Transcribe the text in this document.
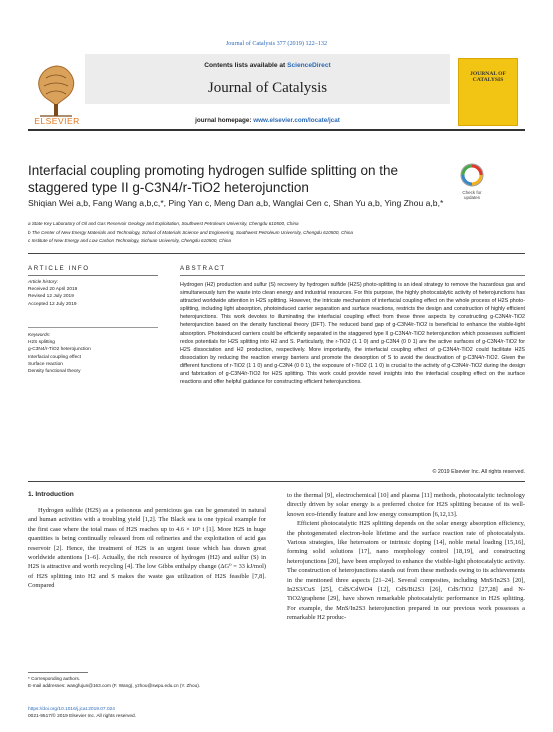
Journal of Catalysis 377 (2019) 122–132
Contents lists available at ScienceDirect
Journal of Catalysis
journal homepage: www.elsevier.com/locate/jcat
ELSEVIER
JOURNAL OF CATALYSIS
Interfacial coupling promoting hydrogen sulfide splitting on the
staggered type II g-C3N4/r-TiO2 heterojunction	Check for updates
Shiqian Wei a,b, Fang Wang a,b,c,*, Ping Yan c, Meng Dan a,b, Wanglai Cen c, Shan Yu a,b, Ying Zhou a,b,*
a State Key Laboratory of Oil and Gas Reservoir Geology and Exploitation, Southwest Petroleum University, Chengdu 610500, China
b The Center of New Energy Materials and Technology, School of Materials Science and Engineering, Southwest Petroleum University, Chengdu 610500, China
c Institute of New Energy and Low Carbon Technology, Sichuan University, Chengdu 610500, China
ARTICLE INFO	ABSTRACT
Article history:
Received 20 April 2019
Revised 12 July 2019
Accepted 12 July 2019
Keywords:
H2S splitting
g-C3N4/r-TiO2 heterojunction
Interfacial coupling effect
Surface reaction
Density functional theory
Hydrogen (H2) production and sulfur (S) recovery by hydrogen sulfide (H2S) photo-splitting is an ideal strategy to remove the hazardous gas and simultaneously turn the waste into clean energy and industrial resources. For this purpose, the highly photocatalytic activity of heterojunctions has attracted worldwide attention in H2S splitting. However, the intricate mechanism of interfacial coupling effect on the whole process of H2S photo-splitting, including light absorption, photoinduced carrier separation and surface reactions, restricts the design and construction of highly efficient heterojunctions. This work devotes to illuminating the interfacial coupling effect from these three aspects by constructing g-C3N4/r-TiO2 heterojunction based on the density functional theory (DFT). The reduced band gap of g-C3N4/r-TiO2 is beneficial to enhance the visible-light absorption. Photoinduced carriers could be efficiently separated in the staggered type II g-C3N4/r-TiO2 heterojunction which possesses sufficient redox potentials for H2S splitting into H2 and S. Particularly, the r-TiO2 (1 1 0) and g-C3N4 (0 0 1) are the active surfaces of g-C3N4/r-TiO2 for H2S dissociation and H2 production, respectively. More importantly, the interfacial coupling effect of g-C3N4/r-TiO2 could facilitate H2S dissociation by reducing the reaction energy barriers and promote the desorption of S to avoid the deactivation of g-C3N4/r-TiO2. Given the different functions of r-TiO2 (1 1 0) and g-C3N4 (0 0 1), the exposure of r-TiO2 (1 1 0) is crucial to the activity of g-C3N4/r-TiO2 during the design and fabrication of g-C3N4/r-TiO2 for H2S splitting. This work could provide novel insights into the interfacial coupling effect on the surface reactions and offer helpful guidance for constructing efficient heterojunctions.
© 2019 Elsevier Inc. All rights reserved.
1. Introduction

Hydrogen sulfide (H2S) as a poisonous and pernicious gas can be generated in natural and human activities with a troubling yield [1,2]. The Black sea is one typical example for the first case where the total mass of H2S reaches up to 4.6 × 10⁹ t [1]. More H2S in huge quantities is being continually released from oil refineries and the exploitation of acid gas reservoir [2]. Hence, the treatment of H2S is an urgent issue which has drawn great worldwide attentions [1–6]. Actually, the rich resource of hydrogen (H2) and sulfur (S) in H2S is attractive and worth recycling [4]. The low Gibbs enthalpy change (ΔG⁰ = 33 kJ/mol) of H2S splitting into H2 and S makes the waste gas utilization of H2S feasible [7,8]. Compared

to the thermal [9], electrochemical [10] and plasma [11] methods, photocatalytic technology directly driven by solar energy is a preferred choice for H2S splitting because of its well-known eco-friendly feature and low energy consumption [6,12,13].

Efficient photocatalytic H2S splitting depends on the solar energy absorption efficiency, the photogenerated electron-hole lifetime and the surface reaction rate of photocatalysts. Various strategies, like heteroatom or intrinsic doping [14], noble metal loading [15,16], forming solid solutions [17], nano morphology control [18,19], and constructing heterojunctions [20], have been employed to enhance the visible-light photocatalytic activity. The construction of heterojunctions stands out from these methods owing to its achievements in the mentioned three aspects [21–24]. Several composites, including MnS/In2S3 [20], In2S3/CuS [25], CdS/CdWO4 [12], CdS/Bi2S3 [26], CdS/TiO2 [27,28] and N-TiO2/graphene [29], have shown remarkable photocatalytic performance in H2S splitting. For example, the MnS/In2S3 heterojunction prepared in our previous work possesses a remarkable H2 produc-

* Corresponding authors.
E-mail addresses: wangfujun@163.com (F. Wang), yzhou@swpu.edu.cn (Y. Zhou).
https://doi.org/10.1016/j.jcat.2019.07.024
0021-9517/© 2019 Elsevier Inc. All rights reserved.
